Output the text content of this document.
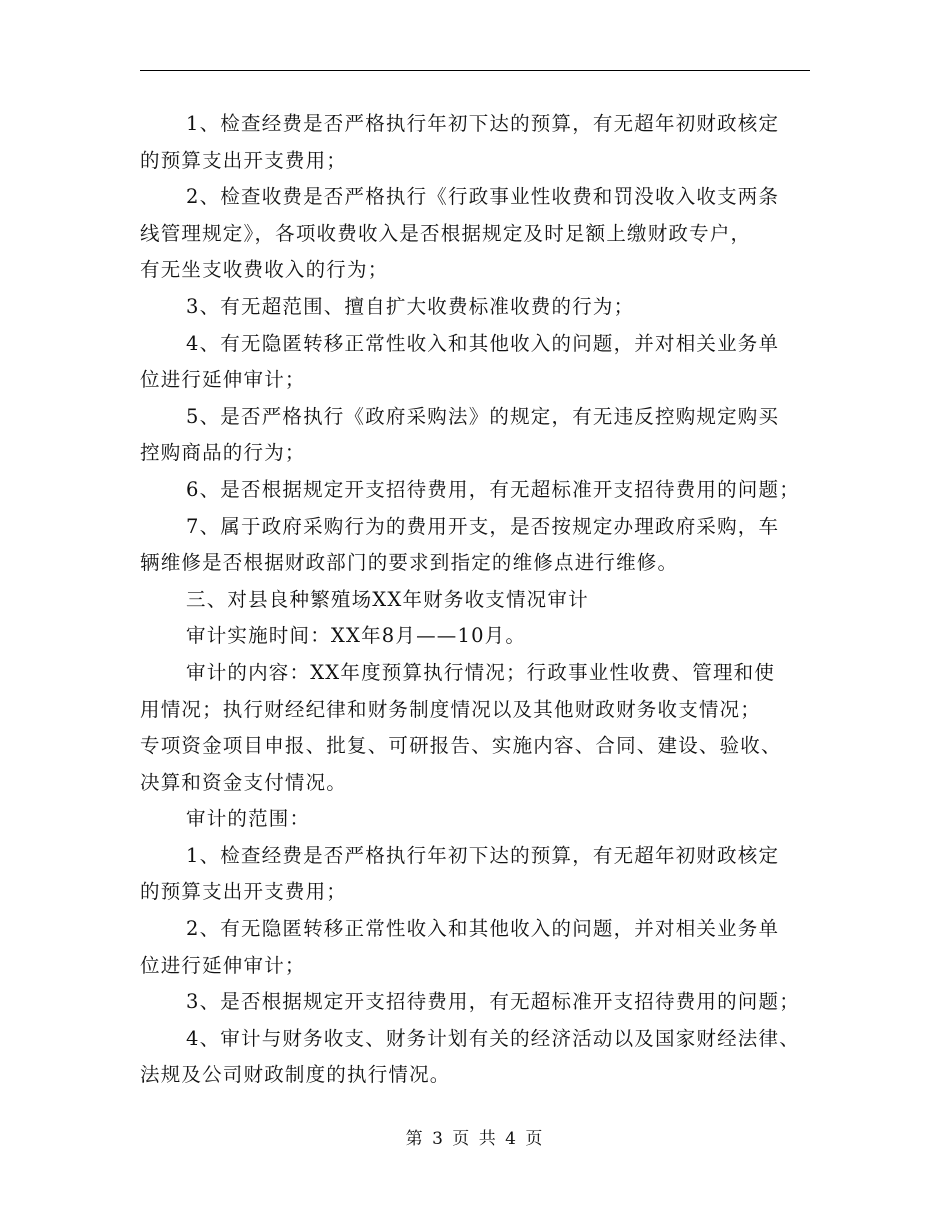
1、检查经费是否严格执行年初下达的预算，有无超年初财政核定
的预算支出开支费用；
2、检查收费是否严格执行《行政事业性收费和罚没收入收支两条
线管理规定》，各项收费收入是否根据规定及时足额上缴财政专户，
有无坐支收费收入的行为；
3、有无超范围、擅自扩大收费标准收费的行为；
4、有无隐匿转移正常性收入和其他收入的问题，并对相关业务单
位进行延伸审计；
5、是否严格执行《政府采购法》的规定，有无违反控购规定购买
控购商品的行为；
6、是否根据规定开支招待费用，有无超标准开支招待费用的问题；
7、属于政府采购行为的费用开支，是否按规定办理政府采购，车
辆维修是否根据财政部门的要求到指定的维修点进行维修。
三、对县良种繁殖场XX年财务收支情况审计
审计实施时间：XX年8月——10月。
审计的内容：XX年度预算执行情况；行政事业性收费、管理和使
用情况；执行财经纪律和财务制度情况以及其他财政财务收支情况；
专项资金项目申报、批复、可研报告、实施内容、合同、建设、验收、
决算和资金支付情况。
审计的范围：
1、检查经费是否严格执行年初下达的预算，有无超年初财政核定
的预算支出开支费用；
2、有无隐匿转移正常性收入和其他收入的问题，并对相关业务单
位进行延伸审计；
3、是否根据规定开支招待费用，有无超标准开支招待费用的问题；
4、审计与财务收支、财务计划有关的经济活动以及国家财经法律、
法规及公司财政制度的执行情况。
第 3 页 共 4 页
